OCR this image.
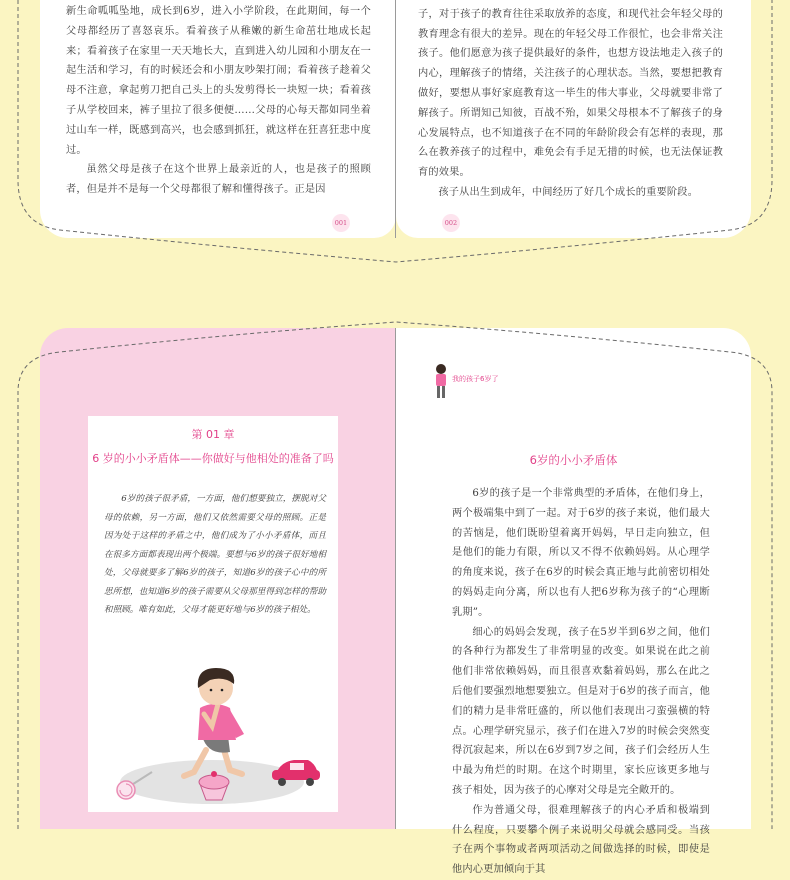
新生命呱呱坠地，成长到6岁，进入小学阶段，在此期间，每一个父母都经历了喜怒哀乐。看着孩子从稚嫩的新生命茁壮地成长起来；看着孩子在家里一天天地长大，直到进入幼儿园和小朋友在一起生活和学习，有的时候还会和小朋友吵架打闹；看着孩子趁着父母不注意，拿起剪刀把自己头上的头发剪得长一块短一块；看着孩子从学校回来，裤子里拉了很多便便……父母的心每天都如同坐着过山车一样，既感到高兴，也会感到抓狂，就这样在狂喜狂悲中度过。

虽然父母是孩子在这个世界上最亲近的人，也是孩子的照顾者，但是并不是每一个父母都很了解和懂得孩子。正是因

001

子，对于孩子的教育往往采取放养的态度，和现代社会年轻父母的教育理念有很大的差异。现在的年轻父母工作很忙，也会非常关注孩子。他们愿意为孩子提供最好的条件，也想方设法地走入孩子的内心，理解孩子的情绪，关注孩子的心理状态。当然，要想把教育做好，要想从事好家庭教育这一毕生的伟大事业，父母就要非常了解孩子。所谓知己知彼，百战不殆，如果父母根本不了解孩子的身心发展特点，也不知道孩子在不同的年龄阶段会有怎样的表现，那么在教养孩子的过程中，难免会有手足无措的时候，也无法保证教育的效果。

孩子从出生到成年，中间经历了好几个成长的重要阶段。

002
第 01 章
6 岁的小小矛盾体——你做好与他相处的准备了吗

6岁的孩子很矛盾，一方面，他们想要独立，摆脱对父母的依赖，另一方面，他们又依然需要父母的照顾。正是因为处于这样的矛盾之中，他们成为了小小矛盾体，而且在很多方面都表现出两个极端。要想与6岁的孩子很好地相处，父母就要多了解6岁的孩子，知道6岁的孩子心中的所思所想，也知道6岁的孩子需要从父母那里得到怎样的帮助和照顾。唯有如此，父母才能更好地与6岁的孩子相处。

我的孩子6岁了
6岁的小小矛盾体

6岁的孩子是一个非常典型的矛盾体，在他们身上，两个极端集中到了一起。对于6岁的孩子来说，他们最大的苦恼是，他们既盼望着离开妈妈，早日走向独立，但是他们的能力有限，所以又不得不依赖妈妈。从心理学的角度来说，孩子在6岁的时候会真正地与此前密切相处的妈妈走向分离，所以也有人把6岁称为孩子的“心理断乳期”。

细心的妈妈会发现，孩子在5岁半到6岁之间，他们的各种行为都发生了非常明显的改变。如果说在此之前他们非常依赖妈妈，而且很喜欢黏着妈妈，那么在此之后他们要强烈地想要独立。但是对于6岁的孩子而言，他们的精力是非常旺盛的，所以他们表现出刁蛮强横的特点。心理学研究显示，孩子们在进入7岁的时候会突然变得沉寂起来，所以在6岁到7岁之间，孩子们会经历人生中最为角烂的时期。在这个时期里，家长应该更多地与孩子相处，因为孩子的心摩对父母是完全敞开的。

作为普通父母，很难理解孩子的内心矛盾和极端到什么程度，只要攀个例子来说明父母就会感同受。当孩子在两个事物或者两项活动之间做选择的时候，即使是他内心更加倾向于其
